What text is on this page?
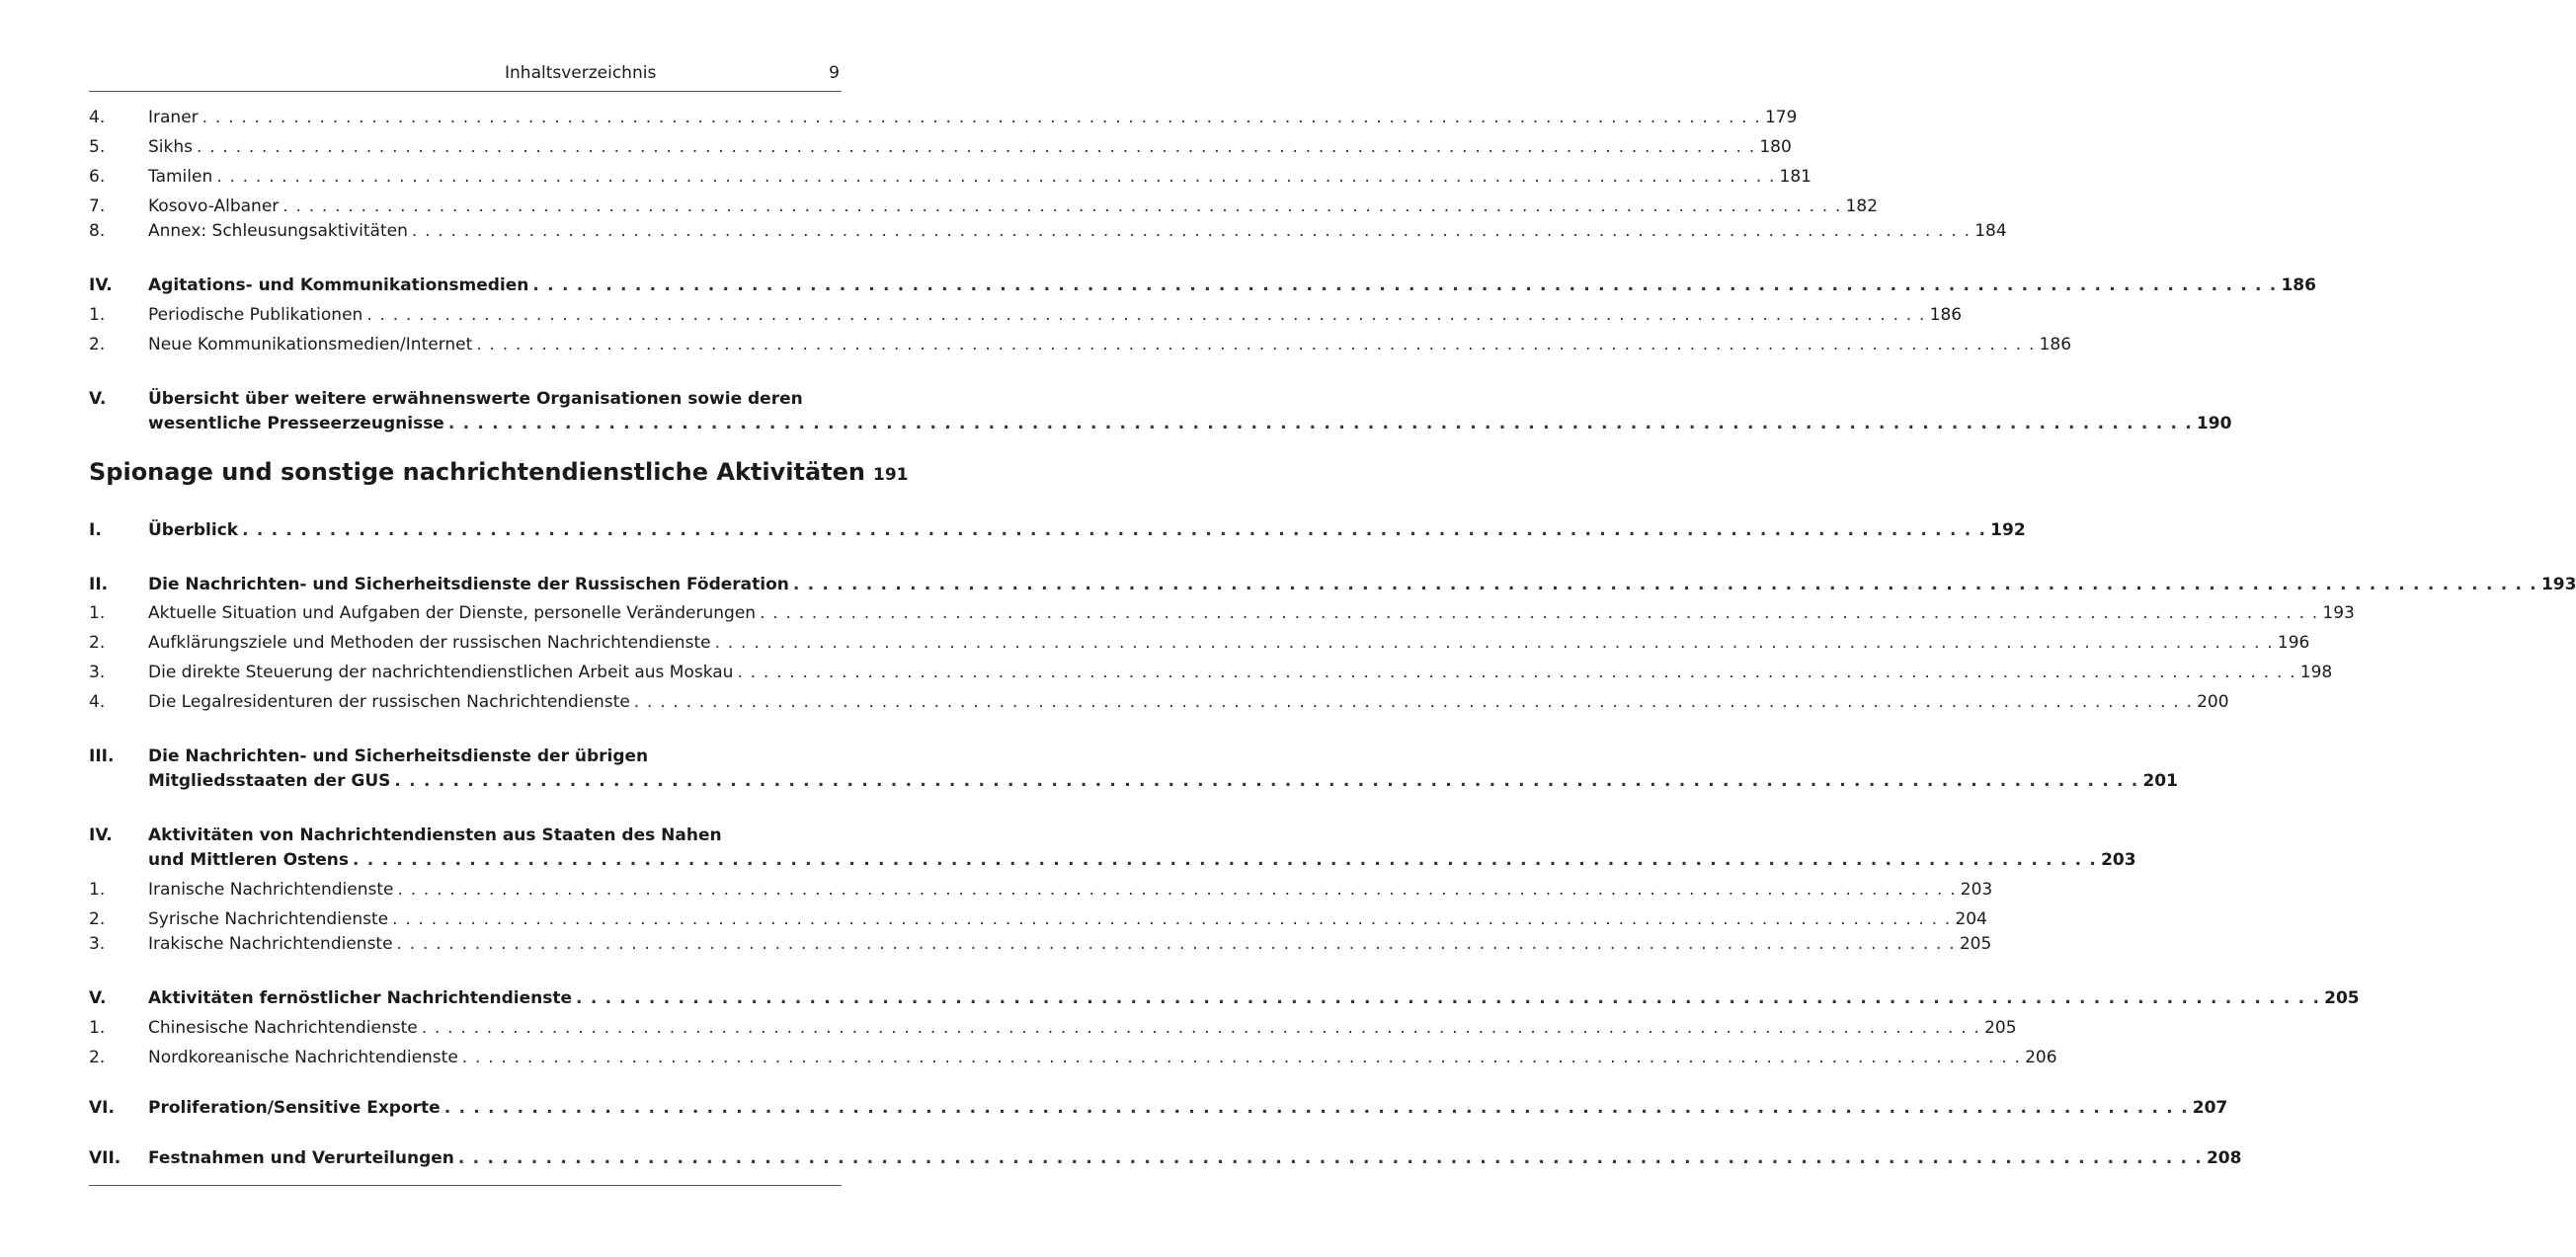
Inhaltsverzeichnis	9
4.	Iraner . . . . . . . . . . . . . . . . . . . . . . . . . . . . . . . . . . . . . . . . . . . . . . . . . . . . . . . . . . . . . . . . . . . . . . . . . . . . . . . . . . . . . . . . . . . . . . . . . . . . . . . . . . . . . . . . . . . . . . . . 179
5.	Sikhs . . . . . . . . . . . . . . . . . . . . . . . . . . . . . . . . . . . . . . . . . . . . . . . . . . . . . . . . . . . . . . . . . . . . . . . . . . . . . . . . . . . . . . . . . . . . . . . . . . . . . . . . . . . . . . . . . . . . . . . . 180
6.	Tamilen . . . . . . . . . . . . . . . . . . . . . . . . . . . . . . . . . . . . . . . . . . . . . . . . . . . . . . . . . . . . . . . . . . . . . . . . . . . . . . . . . . . . . . . . . . . . . . . . . . . . . . . . . . . . . . . . . . . . . . . . 181
7.	Kosovo-Albaner . . . . . . . . . . . . . . . . . . . . . . . . . . . . . . . . . . . . . . . . . . . . . . . . . . . . . . . . . . . . . . . . . . . . . . . . . . . . . . . . . . . . . . . . . . . . . . . . . . . . . . . . . . . . . . . . . . . . . . . . 182
8.	Annex: Schleusungsaktivitäten . . . . . . . . . . . . . . . . . . . . . . . . . . . . . . . . . . . . . . . . . . . . . . . . . . . . . . . . . . . . . . . . . . . . . . . . . . . . . . . . . . . . . . . . . . . . . . . . . . . . . . . . . . . . . . . . . . . . . . . . 184
IV. Agitations- und Kommunikationsmedien . . . . . . . . . . . . . . . . . . . . . . . . . . . . . . . . . . . . . . . . . . . . . . . . . . . . . . . . . . . . . . . . . . . . . . . . . . . . . . . . . . . . . . . . . . . . . . . . . . . . . . . . . . . . . . . . . . . . . . . . 186
1.	Periodische Publikationen . . . . . . . . . . . . . . . . . . . . . . . . . . . . . . . . . . . . . . . . . . . . . . . . . . . . . . . . . . . . . . . . . . . . . . . . . . . . . . . . . . . . . . . . . . . . . . . . . . . . . . . . . . . . . . . . . . . . . . . . 186
2.	Neue Kommunikationsmedien/Internet . . . . . . . . . . . . . . . . . . . . . . . . . . . . . . . . . . . . . . . . . . . . . . . . . . . . . . . . . . . . . . . . . . . . . . . . . . . . . . . . . . . . . . . . . . . . . . . . . . . . . . . . . . . . . . . . . . . . . . . . 186
V.	Übersicht über weitere erwähnenswerte Organisationen sowie deren
wesentliche Presseerzeugnisse . . . . . . . . . . . . . . . . . . . . . . . . . . . . . . . . . . . . . . . . . . . . . . . . . . . . . . . . . . . . . . . . . . . . . . . . . . . . . . . . . . . . . . . . . . . . . . . . . . . . . . . . . . . . . . . . . . . . . . . . 190
Spionage und sonstige nachrichtendienstliche Aktivitäten 191
I.	Überblick . . . . . . . . . . . . . . . . . . . . . . . . . . . . . . . . . . . . . . . . . . . . . . . . . . . . . . . . . . . . . . . . . . . . . . . . . . . . . . . . . . . . . . . . . . . . . . . . . . . . . . . . . . . . . . . . . . . . . . . . 192
II. Die Nachrichten- und Sicherheitsdienste der Russischen Föderation . . . . . . . . . . . . . . . . . . . . . . . . . . . . . . . . . . . . . . . . . . . . . . . . . . . . . . . . . . . . . . . . . . . . . . . . . . . . . . . . . . . . . . . . . . . . . . . . . . . . . . . . . . . . . . . . . . . . . . . . 193
1.	Aktuelle Situation und Aufgaben der Dienste, personelle Veränderungen . . . . . . . . . . . . . . . . . . . . . . . . . . . . . . . . . . . . . . . . . . . . . . . . . . . . . . . . . . . . . . . . . . . . . . . . . . . . . . . . . . . . . . . . . . . . . . . . . . . . . . . . . . . . . . . . . . . . . . . . 193
2.	Aufklärungsziele und Methoden der russischen Nachrichtendienste . . . . . . . . . . . . . . . . . . . . . . . . . . . . . . . . . . . . . . . . . . . . . . . . . . . . . . . . . . . . . . . . . . . . . . . . . . . . . . . . . . . . . . . . . . . . . . . . . . . . . . . . . . . . . . . . . . . . . . . . 196
3.	Die direkte Steuerung der nachrichtendienstlichen Arbeit aus Moskau . . . . . . . . . . . . . . . . . . . . . . . . . . . . . . . . . . . . . . . . . . . . . . . . . . . . . . . . . . . . . . . . . . . . . . . . . . . . . . . . . . . . . . . . . . . . . . . . . . . . . . . . . . . . . . . . . . . . . . . . 198
4.	Die Legalresidenturen der russischen Nachrichtendienste . . . . . . . . . . . . . . . . . . . . . . . . . . . . . . . . . . . . . . . . . . . . . . . . . . . . . . . . . . . . . . . . . . . . . . . . . . . . . . . . . . . . . . . . . . . . . . . . . . . . . . . . . . . . . . . . . . . . . . . . 200
III. Die Nachrichten- und Sicherheitsdienste der übrigen
Mitgliedsstaaten der GUS . . . . . . . . . . . . . . . . . . . . . . . . . . . . . . . . . . . . . . . . . . . . . . . . . . . . . . . . . . . . . . . . . . . . . . . . . . . . . . . . . . . . . . . . . . . . . . . . . . . . . . . . . . . . . . . . . . . . . . . . 201
IV. Aktivitäten von Nachrichtendiensten aus Staaten des Nahen
und Mittleren Ostens . . . . . . . . . . . . . . . . . . . . . . . . . . . . . . . . . . . . . . . . . . . . . . . . . . . . . . . . . . . . . . . . . . . . . . . . . . . . . . . . . . . . . . . . . . . . . . . . . . . . . . . . . . . . . . . . . . . . . . . . 203
1.	Iranische Nachrichtendienste . . . . . . . . . . . . . . . . . . . . . . . . . . . . . . . . . . . . . . . . . . . . . . . . . . . . . . . . . . . . . . . . . . . . . . . . . . . . . . . . . . . . . . . . . . . . . . . . . . . . . . . . . . . . . . . . . . . . . . . . 203
2.	Syrische Nachrichtendienste . . . . . . . . . . . . . . . . . . . . . . . . . . . . . . . . . . . . . . . . . . . . . . . . . . . . . . . . . . . . . . . . . . . . . . . . . . . . . . . . . . . . . . . . . . . . . . . . . . . . . . . . . . . . . . . . . . . . . . . . 204
3.	Irakische Nachrichtendienste . . . . . . . . . . . . . . . . . . . . . . . . . . . . . . . . . . . . . . . . . . . . . . . . . . . . . . . . . . . . . . . . . . . . . . . . . . . . . . . . . . . . . . . . . . . . . . . . . . . . . . . . . . . . . . . . . . . . . . . . 205
V.	Aktivitäten fernöstlicher Nachrichtendienste . . . . . . . . . . . . . . . . . . . . . . . . . . . . . . . . . . . . . . . . . . . . . . . . . . . . . . . . . . . . . . . . . . . . . . . . . . . . . . . . . . . . . . . . . . . . . . . . . . . . . . . . . . . . . . . . . . . . . . . . 205
1.	Chinesische Nachrichtendienste . . . . . . . . . . . . . . . . . . . . . . . . . . . . . . . . . . . . . . . . . . . . . . . . . . . . . . . . . . . . . . . . . . . . . . . . . . . . . . . . . . . . . . . . . . . . . . . . . . . . . . . . . . . . . . . . . . . . . . . . 205
2.	Nordkoreanische Nachrichtendienste . . . . . . . . . . . . . . . . . . . . . . . . . . . . . . . . . . . . . . . . . . . . . . . . . . . . . . . . . . . . . . . . . . . . . . . . . . . . . . . . . . . . . . . . . . . . . . . . . . . . . . . . . . . . . . . . . . . . . . . . 206
VI. Proliferation/Sensitive Exporte . . . . . . . . . . . . . . . . . . . . . . . . . . . . . . . . . . . . . . . . . . . . . . . . . . . . . . . . . . . . . . . . . . . . . . . . . . . . . . . . . . . . . . . . . . . . . . . . . . . . . . . . . . . . . . . . . . . . . . . . 207
VII. Festnahmen und Verurteilungen . . . . . . . . . . . . . . . . . . . . . . . . . . . . . . . . . . . . . . . . . . . . . . . . . . . . . . . . . . . . . . . . . . . . . . . . . . . . . . . . . . . . . . . . . . . . . . . . . . . . . . . . . . . . . . . . . . . . . . . . 208
